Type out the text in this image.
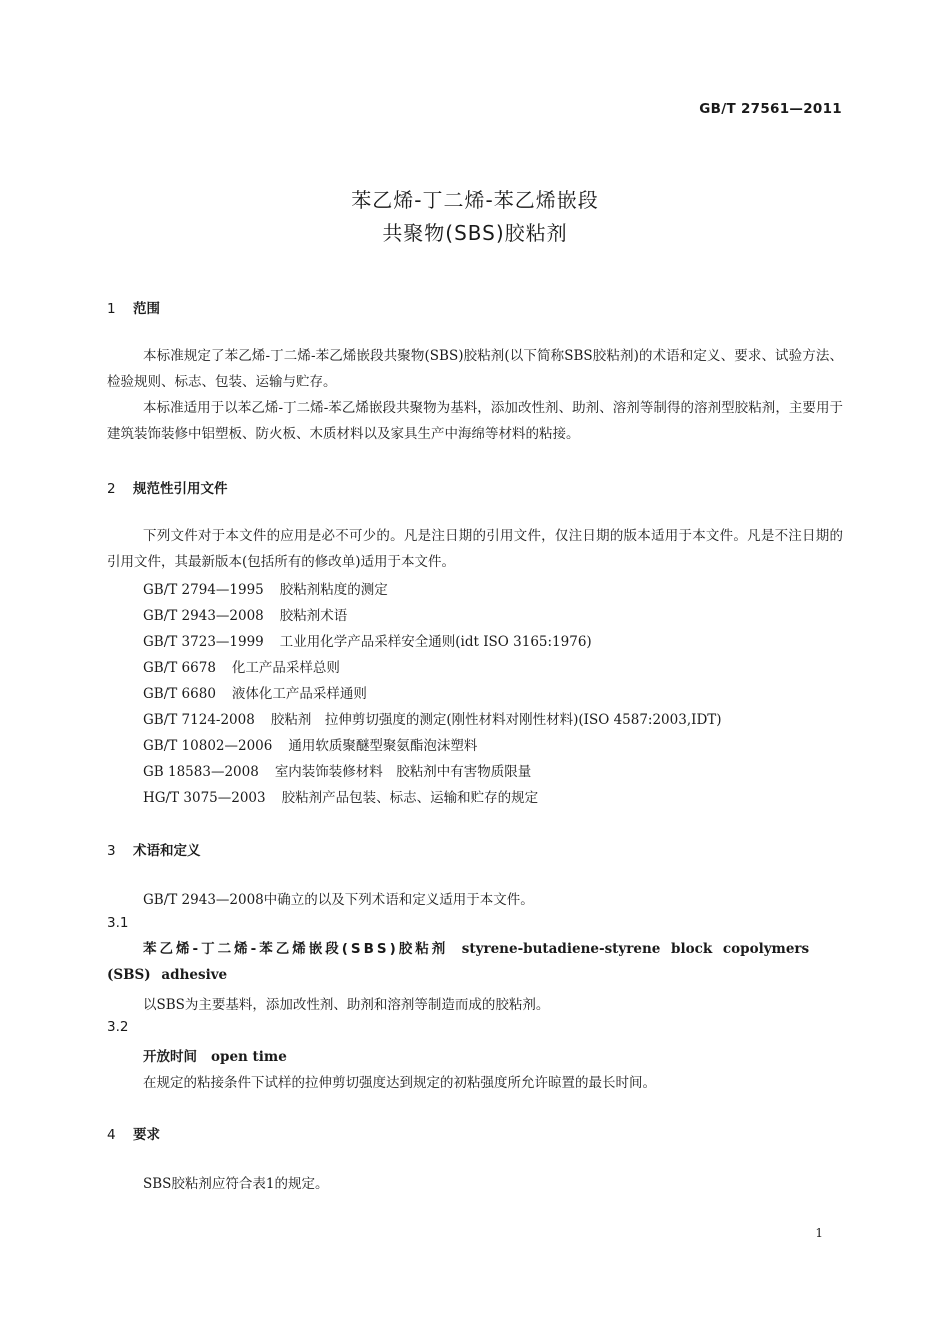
GB/T 27561—2011
苯乙烯-丁二烯-苯乙烯嵌段
共聚物(SBS)胶粘剂
1 范围
本标准规定了苯乙烯-丁二烯-苯乙烯嵌段共聚物(SBS)胶粘剂(以下简称SBS胶粘剂)的术语和定义、要求、试验方法、检验规则、标志、包装、运输与贮存。
本标准适用于以苯乙烯-丁二烯-苯乙烯嵌段共聚物为基料，添加改性剂、助剂、溶剂等制得的溶剂型胶粘剂，主要用于建筑装饰装修中铝塑板、防火板、木质材料以及家具生产中海绵等材料的粘接。
2 规范性引用文件
下列文件对于本文件的应用是必不可少的。凡是注日期的引用文件，仅注日期的版本适用于本文件。凡是不注日期的引用文件，其最新版本(包括所有的修改单)适用于本文件。
GB/T 2794—1995 胶粘剂粘度的测定
GB/T 2943—2008 胶粘剂术语
GB/T 3723—1999 工业用化学产品采样安全通则(idt ISO 3165:1976)
GB/T 6678 化工产品采样总则
GB/T 6680 液体化工产品采样通则
GB/T 7124-2008 胶粘剂　拉伸剪切强度的测定(刚性材料对刚性材料)(ISO 4587:2003,IDT)
GB/T 10802—2006 通用软质聚醚型聚氨酯泡沫塑料
GB 18583—2008 室内装饰装修材料　胶粘剂中有害物质限量
HG/T 3075—2003 胶粘剂产品包装、标志、运输和贮存的规定
3 术语和定义
GB/T 2943—2008中确立的以及下列术语和定义适用于本文件。
3.1
苯乙烯-丁二烯-苯乙烯嵌段(SBS)胶粘剂　 styrene-butadiene-styrene block copolymers (SBS) adhesive
以SBS为主要基料，添加改性剂、助剂和溶剂等制造而成的胶粘剂。
3.2
开放时间 open time
在规定的粘接条件下试样的拉伸剪切强度达到规定的初粘强度所允许晾置的最长时间。
4 要求
SBS胶粘剂应符合表1的规定。
1
